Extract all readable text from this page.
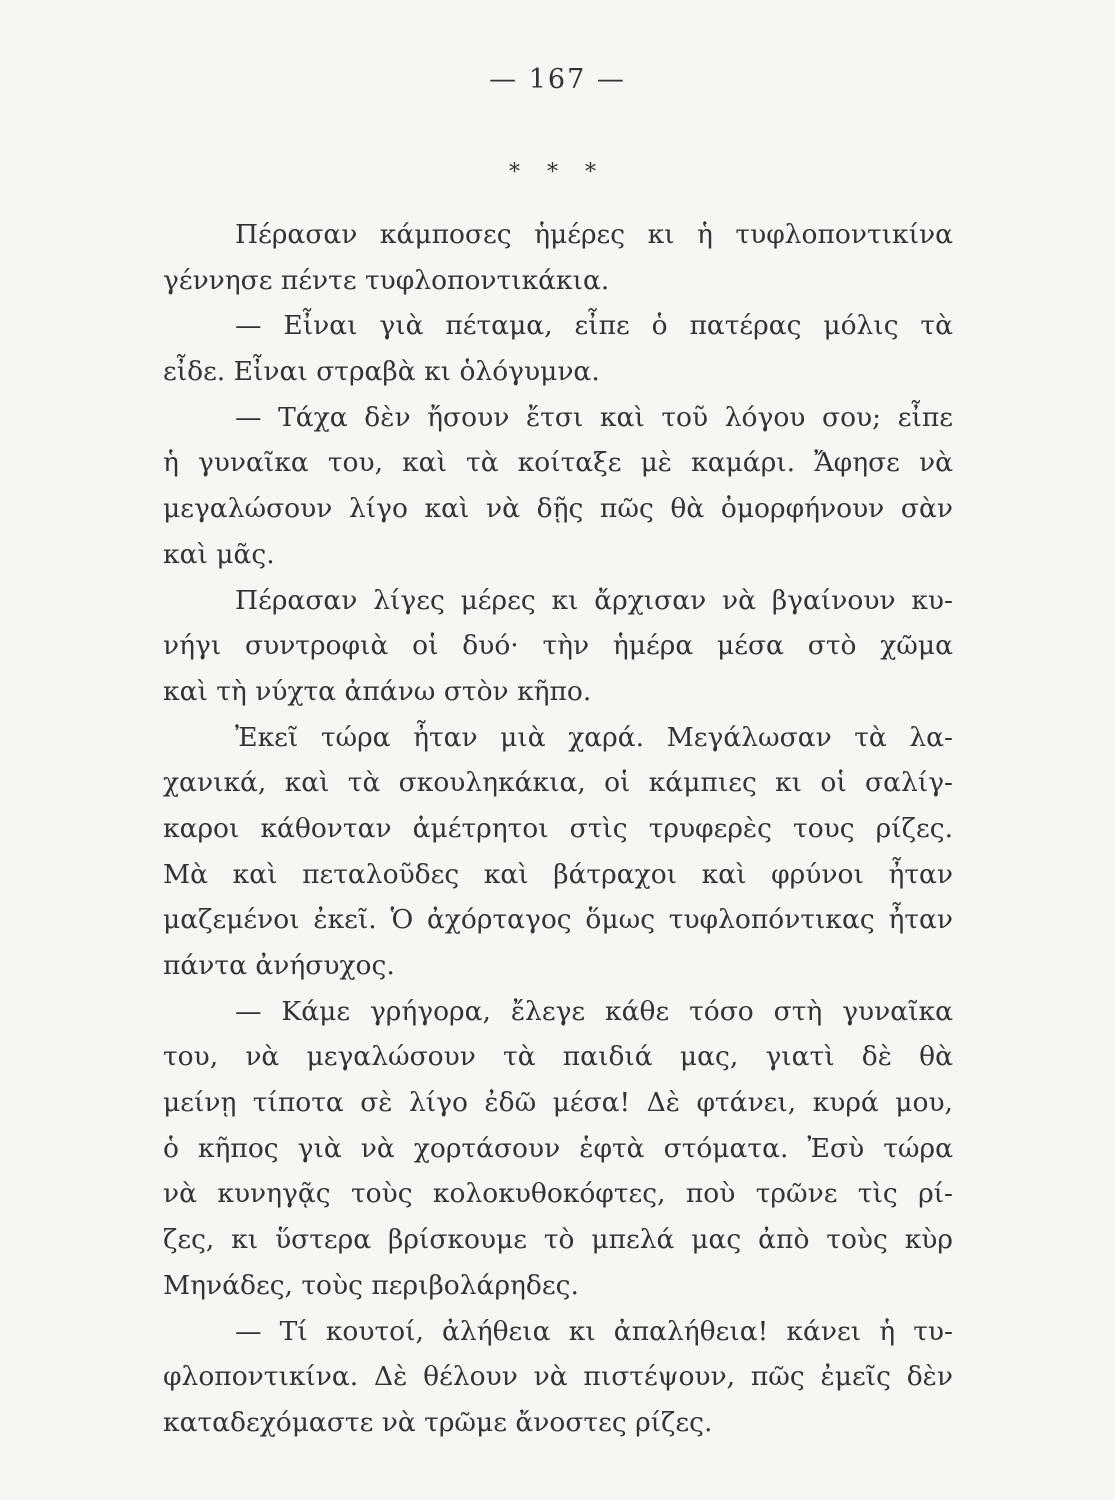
— 167 —
* * *
Πέρασαν κάμποσες ἡμέρες κι ἡ τυφλοποντικίνα
γέννησε πέντε τυφλοποντικάκια.
— Εἶναι γιὰ πέταμα, εἶπε ὁ πατέρας μόλις τὰ
εἶδε. Εἶναι στραβὰ κι ὁλόγυμνα.
— Τάχα δὲν ἤσουν ἔτσι καὶ τοῦ λόγου σου; εἶπε
ἡ γυναῖκα του, καὶ τὰ κοίταξε μὲ καμάρι. Ἄφησε νὰ
μεγαλώσουν λίγο καὶ νὰ δῇς πῶς θὰ ὀμορφήνουν σὰν
καὶ μᾶς.
Πέρασαν λίγες μέρες κι ἄρχισαν νὰ βγαίνουν κυ-
νήγι συντροφιὰ οἱ δυό· τὴν ἡμέρα μέσα στὸ χῶμα
καὶ τὴ νύχτα ἀπάνω στὸν κῆπο.
Ἐκεῖ τώρα ἦταν μιὰ χαρά. Μεγάλωσαν τὰ λα-
χανικά, καὶ τὰ σκουληκάκια, οἱ κάμπιες κι οἱ σαλίγ-
καροι κάθονταν ἀμέτρητοι στὶς τρυφερὲς τους ρίζες.
Μὰ καὶ πεταλοῦδες καὶ βάτραχοι καὶ φρύνοι ἦταν
μαζεμένοι ἐκεῖ. Ὁ ἀχόρταγος ὅμως τυφλοπόντικας ἦταν
πάντα ἀνήσυχος.
— Κάμε γρήγορα, ἔλεγε κάθε τόσο στὴ γυναῖκα
του, νὰ μεγαλώσουν τὰ παιδιά μας, γιατὶ δὲ θὰ
μείνῃ τίποτα σὲ λίγο ἐδῶ μέσα! Δὲ φτάνει, κυρά μου,
ὁ κῆπος γιὰ νὰ χορτάσουν ἑφτὰ στόματα. Ἐσὺ τώρα
νὰ κυνηγᾷς τοὺς κολοκυθοκόφτες, ποὺ τρῶνε τὶς ρί-
ζες, κι ὕστερα βρίσκουμε τὸ μπελά μας ἀπὸ τοὺς κὺρ
Μηνάδες, τοὺς περιβολάρηδες.
— Τί κουτοί, ἀλήθεια κι ἀπαλήθεια! κάνει ἡ τυ-
φλοποντικίνα. Δὲ θέλουν νὰ πιστέψουν, πῶς ἐμεῖς δὲν
καταδεχόμαστε νὰ τρῶμε ἄνοστες ρίζες.
